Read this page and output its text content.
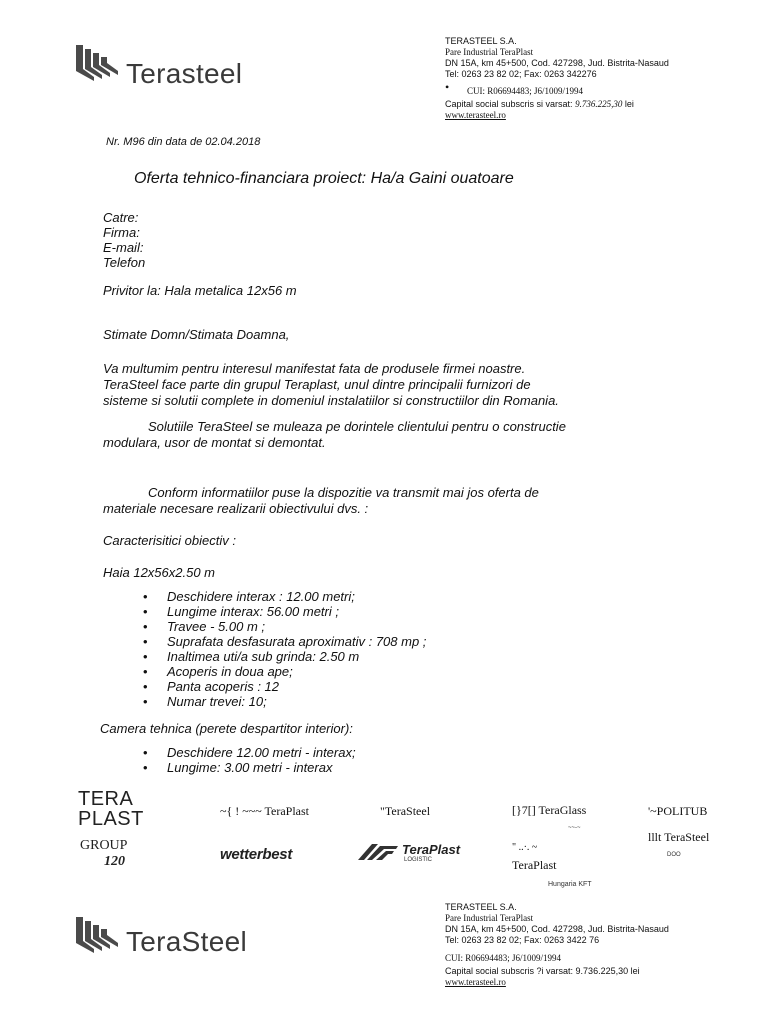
Terasteel
TERASTEEL S.A.
Pare Industrial TeraPlast
DN 15A, km 45+500, Cod. 427298, Jud. Bistrita-Nasaud
Tel: 0263 23 82 02; Fax: 0263 342276
• CUI: R06694483; J6/1009/1994
Capital social subscris si varsat: 9.736.225,30 lei
www.terasteel.ro
Nr. M96 din data de 02.04.2018
Oferta tehnico-financiara proiect: Ha/a Gaini ouatoare
Catre:
Firma:
E-mail:
Telefon
Privitor la: Hala metalica 12x56 m
Stimate Domn/Stimata Doamna,
Va multumim pentru interesul manifestat fata de produsele firmei noastre.
TeraSteel face parte din grupul Teraplast, unul dintre principalii furnizori de
sisteme si solutii complete in domeniul instalatiilor si constructiilor din Romania.
Solutiile TeraSteel se muleaza pe dorintele clientului pentru o constructie
modulara, usor de montat si demontat.
Conform informatiilor puse la dispozitie va transmit mai jos oferta de
materiale necesare realizarii obiectivului dvs. :
Caracterisitici obiectiv :
Haia 12x56x2.50 m
• Deschidere interax : 12.00 metri;
• Lungime interax: 56.00 metri ;
• Travee - 5.00 m ;
• Suprafata desfasurata aproximativ : 708 mp ;
• Inaltimea uti/a sub grinda: 2.50 m
• Acoperis in doua ape;
• Panta acoperis : 12
• Numar trevei: 10;
Camera tehnica (perete despartitor interior):
• Deschidere 12.00 metri - interax;
• Lungime: 3.00 metri - interax
TERA
PLAST
GROUP
120
~{ ! ~~~ TeraPlast	"TeraSteel	[}7[] TeraGlass
~~-~
'~POLITUB
lllt TeraSteel
DOO
wetterbest	TeraPlast
LOGISTIC
" ..·. ~
TeraPlast
Hungaria KFT
TeraSteel
TERASTEEL S.A.
Pare Industrial TeraPlast
DN 15A, km 45+500, Cod. 427298, Jud. Bistrita-Nasaud
Tel: 0263 23 82 02; Fax: 0263 3422 76
CUI: R06694483; J6/1009/1994
Capital social subscris ?i varsat: 9.736.225,30 lei
www.terasteel.ro
